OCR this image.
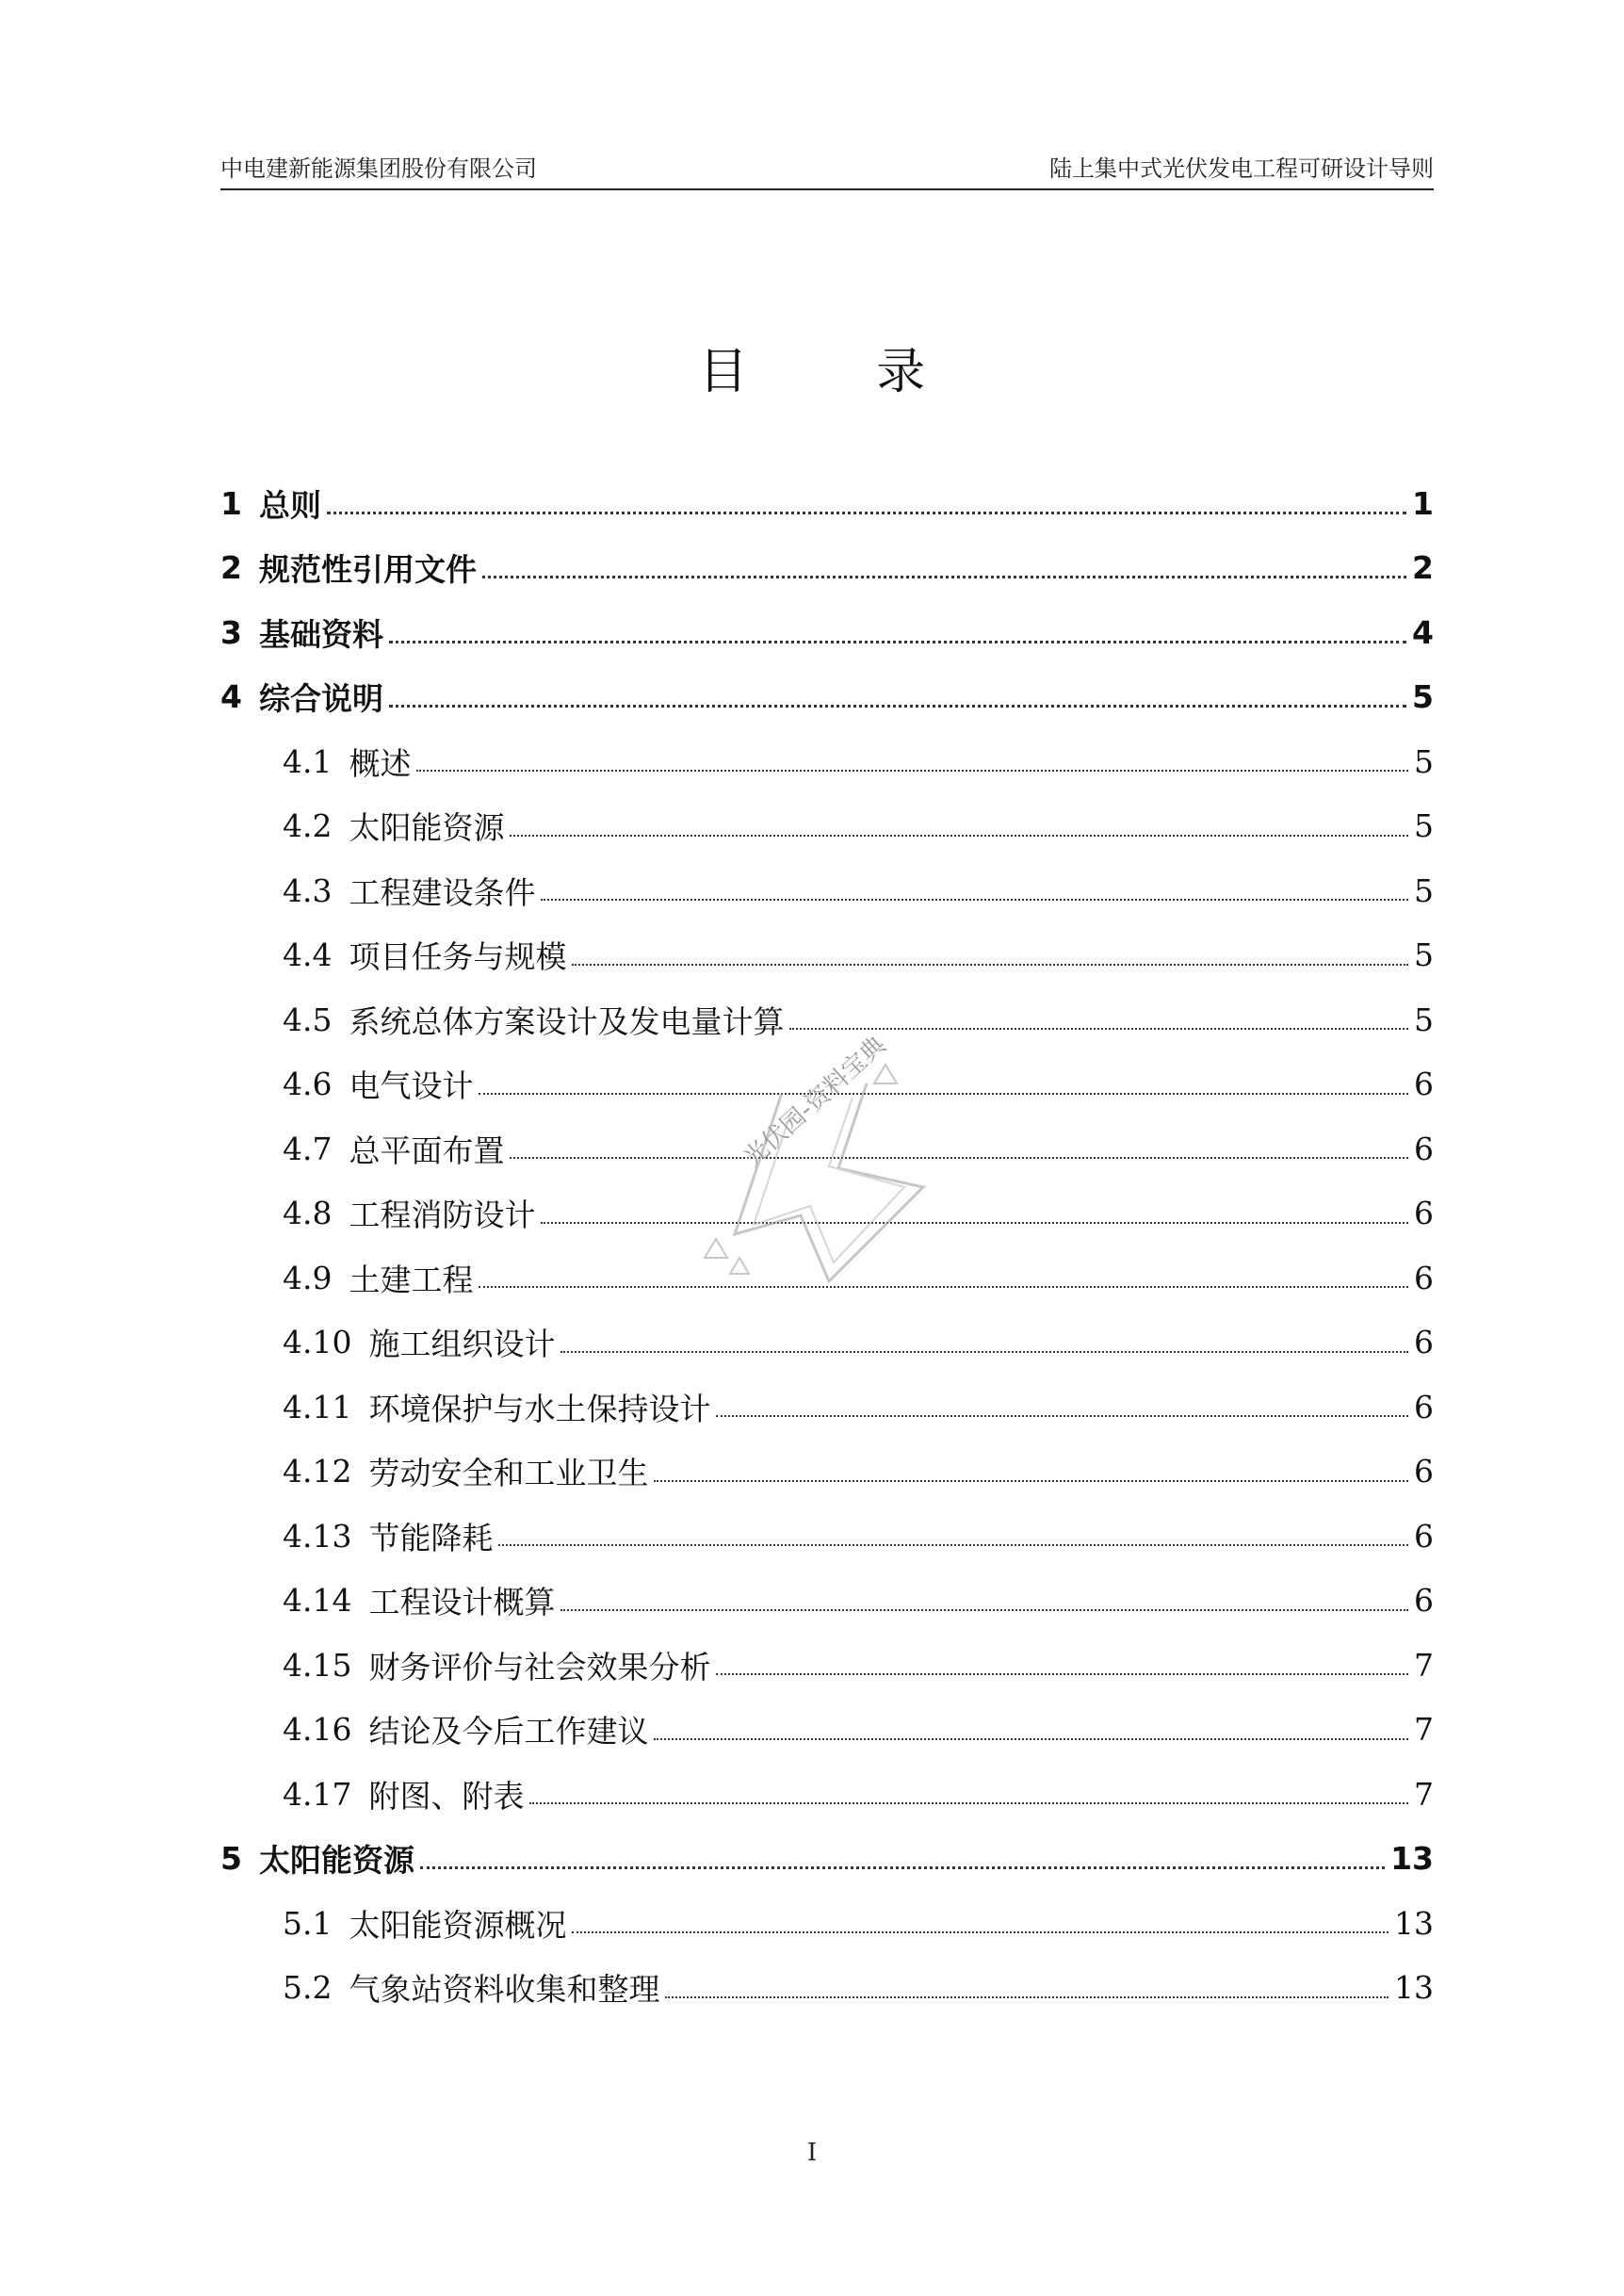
中电建新能源集团股份有限公司	陆上集中式光伏发电工程可研设计导则
目 录
1 总则	1
2 规范性引用文件	2
3 基础资料	4
4 综合说明	5
4.1 概述	5
4.2 太阳能资源	5
4.3 工程建设条件	5
4.4 项目任务与规模	5
4.5 系统总体方案设计及发电量计算	5
4.6 电气设计	6
4.7 总平面布置	6
4.8 工程消防设计	6
4.9 土建工程	6
4.10 施工组织设计	6
4.11 环境保护与水土保持设计	6
4.12 劳动安全和工业卫生	6
4.13 节能降耗	6
4.14 工程设计概算	6
4.15 财务评价与社会效果分析	7
4.16 结论及今后工作建议	7
4.17 附图、附表	7
5 太阳能资源	13
5.1 太阳能资源概况	13
5.2 气象站资料收集和整理	13
光伏园-资料宝典
I
